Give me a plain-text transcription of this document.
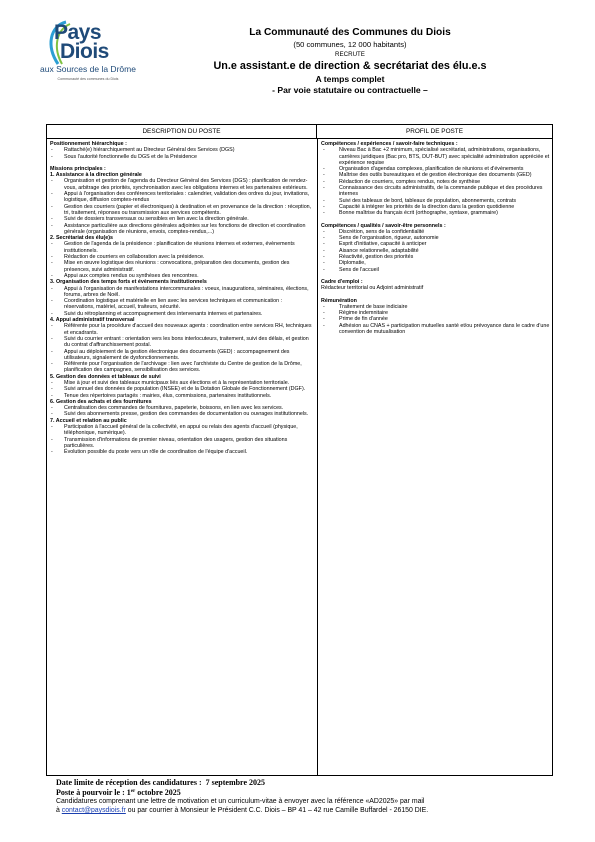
Pays
Diois
aux Sources de la Drôme
Communauté des communes du Diois
La Communauté des Communes du Diois
(50 communes, 12 000 habitants)
RECRUTE
Un.e assistant.e de direction & secrétariat des élu.e.s
A temps complet
- Par voie statutaire ou contractuelle –
DESCRIPTION DU POSTE	PROFIL DE POSTE
Positionnement hiérarchique :
-	Rattaché(e) hiérarchiquement au Directeur Général des Services (DGS)
-	Sous l'autorité fonctionnelle du DGS et de la Présidence
Missions principales :
1. Assistance à la direction générale
-	Organisation et gestion de l'agenda du Directeur Général des Services (DGS) : planification de rendez-vous, arbitrage des priorités, synchronisation avec les obligations internes et les partenaires extérieurs.
-	Appui à l'organisation des conférences territoriales : calendrier, validation des ordres du jour, invitations, logistique, diffusion comptes-rendus
-	Gestion des courriers (papier et électroniques) à destination et en provenance de la direction : réception, tri, traitement, réponses ou transmission aux services compétents.
-	Suivi de dossiers transversaux ou sensibles en lien avec la direction générale.
-	Assistance particulière aux directions générales adjointes sur les fonctions de direction et coordination générale (organisation de réunions, envois, comptes-rendus,...)
2. Secrétariat des élu(e)s
-	Gestion de l'agenda de la présidence : planification de réunions internes et externes, évènements institutionnels.
-	Rédaction de courriers en collaboration avec la présidence.
-	Mise en œuvre logistique des réunions : convocations, préparation des documents, gestion des présences, suivi administratif.
-	Appui aux comptes rendus ou synthèses des rencontres.
3. Organisation des temps forts et évènements institutionnels
-	Appui à l'organisation de manifestations intercommunales : voeux, inaugurations, séminaires, élections, forums, arbres de Noël.
-	Coordination logistique et matérielle en lien avec les services techniques et communication : réservations, matériel, accueil, traiteurs, sécurité.
-	Suivi du rétroplanning et accompagnement des intervenants internes et partenaires.
4. Appui administratif transversal
-	Référente pour la procédure d'accueil des nouveaux agents : coordination entre services RH, techniques et encadrants.
-	Suivi du courrier entrant : orientation vers les bons interlocuteurs, traitement, suivi des délais, et gestion du contrat d'affranchissement postal.
-	Appui au déploiement de la gestion électronique des documents (GED) : accompagnement des utilisateurs, signalement de dysfonctionnements.
-	Référente pour l'organisation de l'archivage : lien avec l'archiviste du Centre de gestion de la Drôme, planification des campagnes, sensibilisation des services.
5. Gestion des données et tableaux de suivi
-	Mise à jour et suivi des tableaux municipaux liés aux élections et à la représentation territoriale.
-	Suivi annuel des données de population (INSEE) et de la Dotation Globale de Fonctionnement (DGF).
-	Tenue des répertoires partagés : mairies, élus, commissions, partenaires institutionnels.
6. Gestion des achats et des fournitures
-	Centralisation des commandes de fournitures, papeterie, boissons, en lien avec les services.
-	Suivi des abonnements presse, gestion des commandes de documentation ou ouvrages institutionnels.
7. Accueil et relation au public
-	Participation à l'accueil général de la collectivité, en appui ou relais des agents d'accueil (physique, téléphonique, numérique).
-	Transmission d'informations de premier niveau, orientation des usagers, gestion des situations particulières.
-	Évolution possible du poste vers un rôle de coordination de l'équipe d'accueil.
Compétences / expériences / savoir-faire techniques :
-	Niveau Bac à Bac +2 minimum, spécialisé secrétariat, administrations, organisations, carrières juridiques (Bac pro, BTS, DUT-BUT) avec spécialité administration appréciée et expérience requise
-	Organisation d'agendas complexes, planification de réunions et d'évènements
-	Maîtrise des outils bureautiques et de gestion électronique des documents (GED)
-	Rédaction de courriers, comptes rendus, notes de synthèse
-	Connaissance des circuits administratifs, de la commande publique et des procédures internes
-	Suivi des tableaux de bord, tableaux de population, abonnements, contrats
-	Capacité à intégrer les priorités de la direction dans la gestion quotidienne
-	Bonne maîtrise du français écrit (orthographe, syntaxe, grammaire)
Compétences / qualités / savoir-être personnels :
-	Discrétion, sens de la confidentialité
-	Sens de l'organisation, rigueur, autonomie
-	Esprit d'initiative, capacité à anticiper
-	Aisance relationnelle, adaptabilité
-	Réactivité, gestion des priorités
-	Diplomatie,
-	Sens de l'accueil
Cadre d'emploi :
Rédacteur territorial ou Adjoint administratif
Rémunération
-	Traitement de base indiciaire
-	Régime indemnitaire
-	Prime de fin d'année
-	Adhésion au CNAS + participation mutuelles santé et/ou prévoyance dans le cadre d'une convention de mutualisation
Date limite de réception des candidatures : 7 septembre 2025
Poste à pourvoir le : 1er octobre 2025
Candidatures comprenant une lettre de motivation et un curriculum-vitae à envoyer avec la référence «AD2025» par mail
à contact@paysdiois.fr ou par courrier à Monsieur le Président C.C. Diois – BP 41 – 42 rue Camille Buffardel - 26150 DIE.
